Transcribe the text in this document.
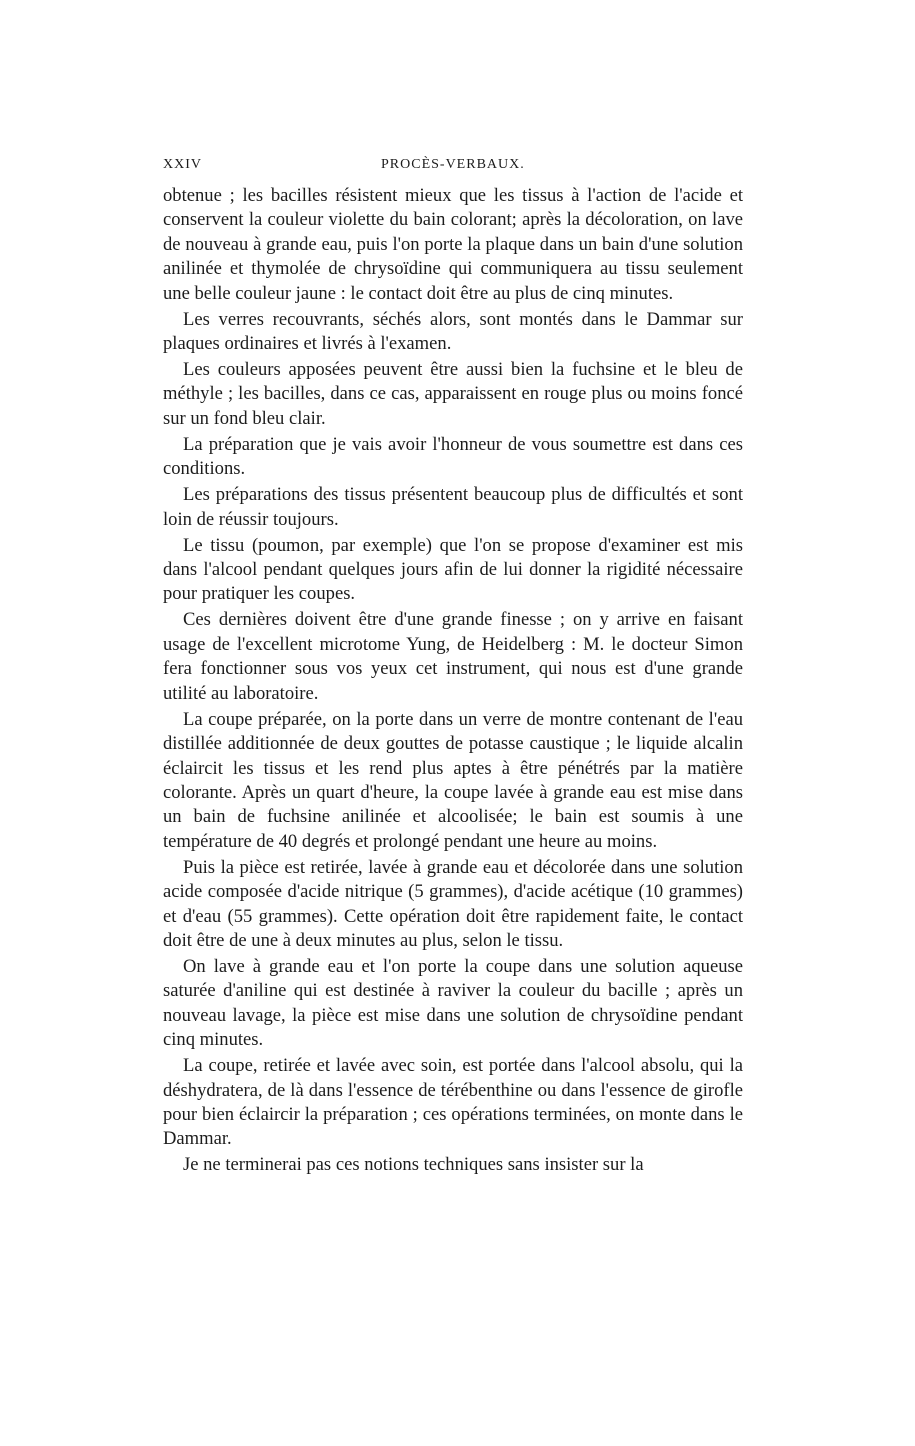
XXIV	PROCÈS-VERBAUX.

obtenue ; les bacilles résistent mieux que les tissus à l'action de l'acide et conservent la couleur violette du bain colorant; après la décoloration, on lave de nouveau à grande eau, puis l'on porte la plaque dans un bain d'une solution anilinée et thymolée de chrysoïdine qui communiquera au tissu seulement une belle couleur jaune : le contact doit être au plus de cinq minutes.

Les verres recouvrants, séchés alors, sont montés dans le Dammar sur plaques ordinaires et livrés à l'examen.

Les couleurs apposées peuvent être aussi bien la fuchsine et le bleu de méthyle ; les bacilles, dans ce cas, apparaissent en rouge plus ou moins foncé sur un fond bleu clair.

La préparation que je vais avoir l'honneur de vous soumettre est dans ces conditions.

Les préparations des tissus présentent beaucoup plus de difficultés et sont loin de réussir toujours.

Le tissu (poumon, par exemple) que l'on se propose d'examiner est mis dans l'alcool pendant quelques jours afin de lui donner la rigidité nécessaire pour pratiquer les coupes.

Ces dernières doivent être d'une grande finesse ; on y arrive en faisant usage de l'excellent microtome Yung, de Heidelberg : M. le docteur Simon fera fonctionner sous vos yeux cet instrument, qui nous est d'une grande utilité au laboratoire.

La coupe préparée, on la porte dans un verre de montre contenant de l'eau distillée additionnée de deux gouttes de potasse caustique ; le liquide alcalin éclaircit les tissus et les rend plus aptes à être pénétrés par la matière colorante. Après un quart d'heure, la coupe lavée à grande eau est mise dans un bain de fuchsine anilinée et alcoolisée; le bain est soumis à une température de 40 degrés et prolongé pendant une heure au moins.

Puis la pièce est retirée, lavée à grande eau et décolorée dans une solution acide composée d'acide nitrique (5 grammes), d'acide acétique (10 grammes) et d'eau (55 grammes). Cette opération doit être rapidement faite, le contact doit être de une à deux minutes au plus, selon le tissu.

On lave à grande eau et l'on porte la coupe dans une solution aqueuse saturée d'aniline qui est destinée à raviver la couleur du bacille ; après un nouveau lavage, la pièce est mise dans une solution de chrysoïdine pendant cinq minutes.

La coupe, retirée et lavée avec soin, est portée dans l'alcool absolu, qui la déshydratera, de là dans l'essence de térébenthine ou dans l'essence de girofle pour bien éclaircir la préparation ; ces opérations terminées, on monte dans le Dammar.

Je ne terminerai pas ces notions techniques sans insister sur la
